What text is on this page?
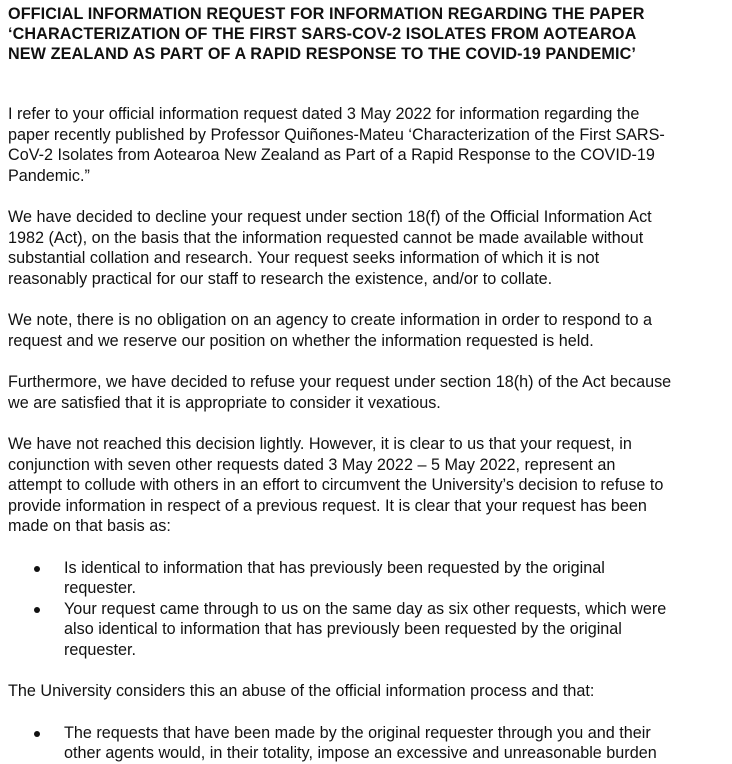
OFFICIAL INFORMATION REQUEST FOR INFORMATION REGARDING THE PAPER
‘CHARACTERIZATION OF THE FIRST SARS-COV-2 ISOLATES FROM AOTEAROA
NEW ZEALAND AS PART OF A RAPID RESPONSE TO THE COVID-19 PANDEMIC’
I refer to your official information request dated 3 May 2022 for information regarding the
paper recently published by Professor Quiñones-Mateu ‘Characterization of the First SARS-
CoV-2 Isolates from Aotearoa New Zealand as Part of a Rapid Response to the COVID-19
Pandemic.”
We have decided to decline your request under section 18(f) of the Official Information Act
1982 (Act), on the basis that the information requested cannot be made available without
substantial collation and research. Your request seeks information of which it is not
reasonably practical for our staff to research the existence, and/or to collate.
We note, there is no obligation on an agency to create information in order to respond to a
request and we reserve our position on whether the information requested is held.
Furthermore, we have decided to refuse your request under section 18(h) of the Act because
we are satisfied that it is appropriate to consider it vexatious.
We have not reached this decision lightly. However, it is clear to us that your request, in
conjunction with seven other requests dated 3 May 2022 – 5 May 2022, represent an
attempt to collude with others in an effort to circumvent the University’s decision to refuse to
provide information in respect of a previous request. It is clear that your request has been
made on that basis as:
Is identical to information that has previously been requested by the original
requester.
Your request came through to us on the same day as six other requests, which were
also identical to information that has previously been requested by the original
requester.
The University considers this an abuse of the official information process and that:
The requests that have been made by the original requester through you and their
other agents would, in their totality, impose an excessive and unreasonable burden
